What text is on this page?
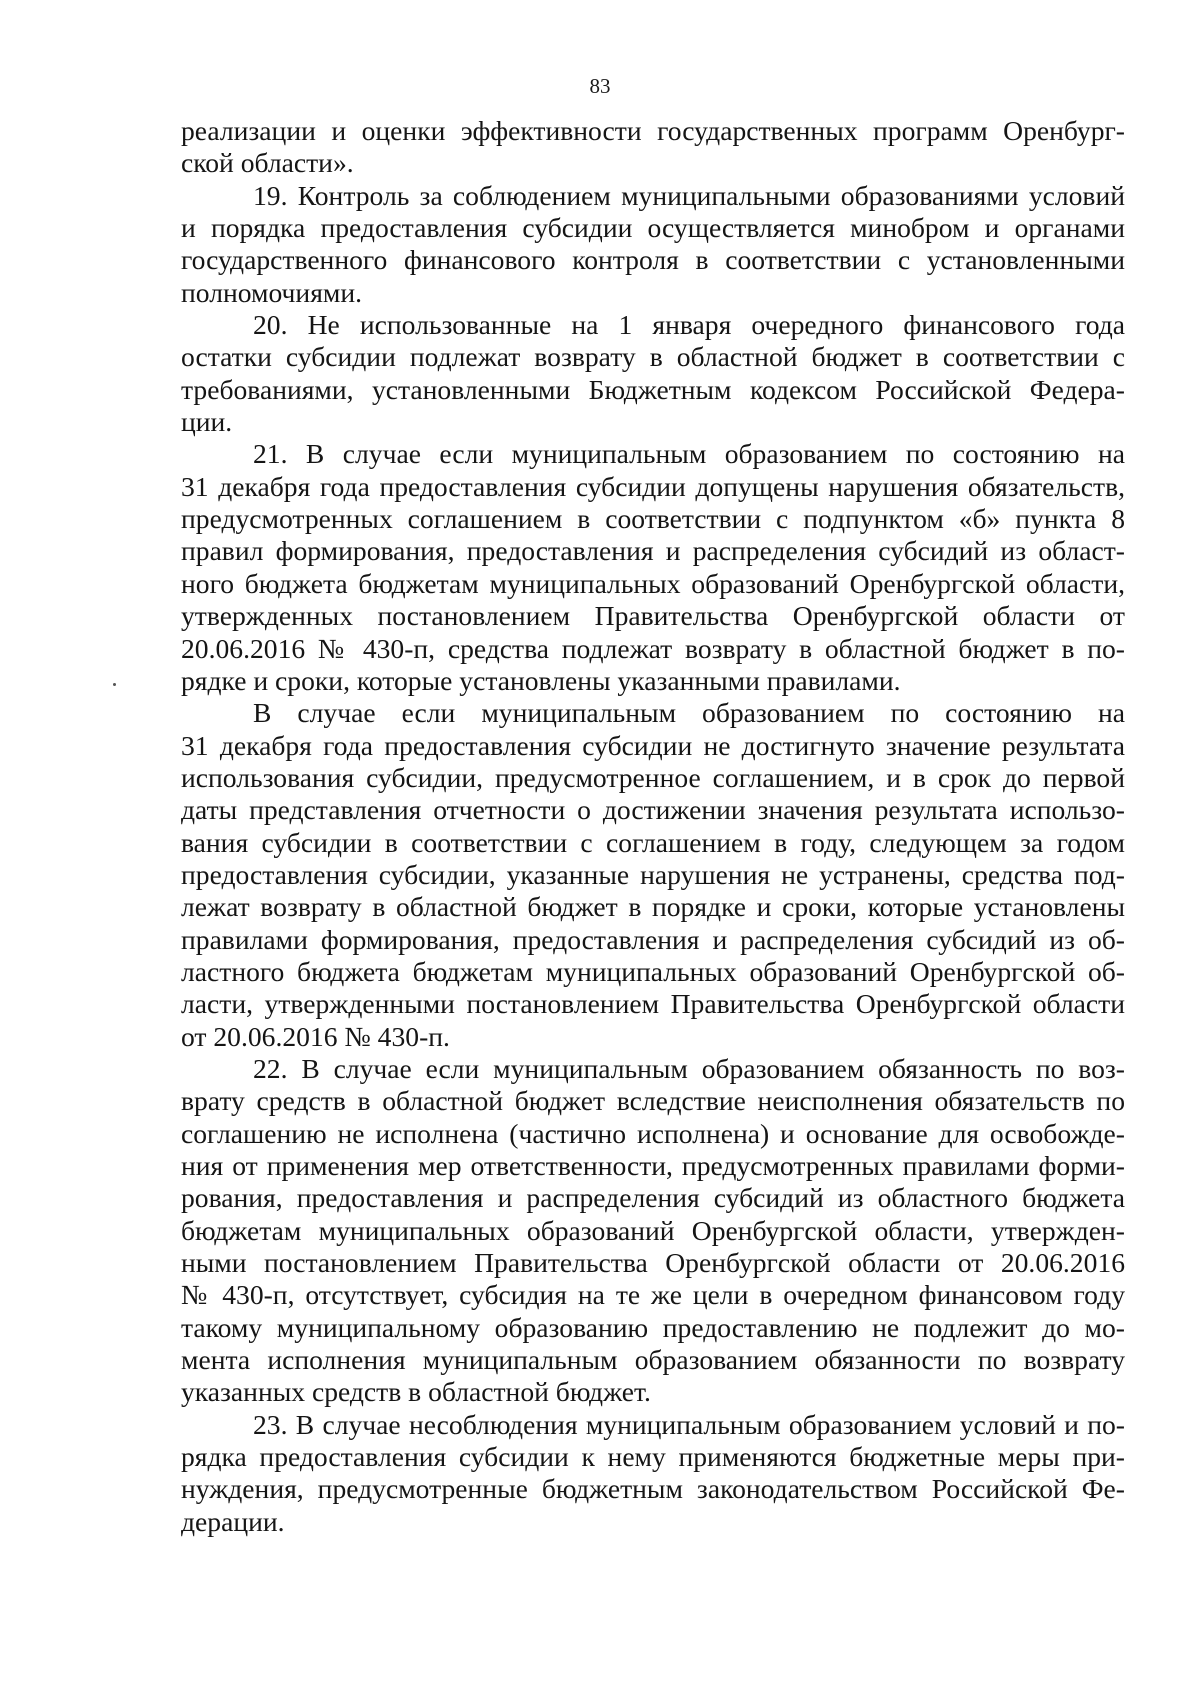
83
реализации и оценки эффективности государственных программ Оренбург-
ской области».
19. Контроль за соблюдением муниципальными образованиями условий
и порядка предоставления субсидии осуществляется минобром и органами
государственного финансового контроля в соответствии с установленными
полномочиями.
20. Не использованные на 1 января очередного финансового года
остатки субсидии подлежат возврату в областной бюджет в соответствии с
требованиями, установленными Бюджетным кодексом Российской Федера-
ции.
21. В случае если муниципальным образованием по состоянию на
31 декабря года предоставления субсидии допущены нарушения обязательств,
предусмотренных соглашением в соответствии с подпунктом «б» пункта 8
правил формирования, предоставления и распределения субсидий из област-
ного бюджета бюджетам муниципальных образований Оренбургской области,
утвержденных постановлением Правительства Оренбургской области от
20.06.2016 № 430-п, средства подлежат возврату в областной бюджет в по-
рядке и сроки, которые установлены указанными правилами.
В случае если муниципальным образованием по состоянию на
31 декабря года предоставления субсидии не достигнуто значение результата
использования субсидии, предусмотренное соглашением, и в срок до первой
даты представления отчетности о достижении значения результата использо-
вания субсидии в соответствии с соглашением в году, следующем за годом
предоставления субсидии, указанные нарушения не устранены, средства под-
лежат возврату в областной бюджет в порядке и сроки, которые установлены
правилами формирования, предоставления и распределения субсидий из об-
ластного бюджета бюджетам муниципальных образований Оренбургской об-
ласти, утвержденными постановлением Правительства Оренбургской области
от 20.06.2016 № 430-п.
22. В случае если муниципальным образованием обязанность по воз-
врату средств в областной бюджет вследствие неисполнения обязательств по
соглашению не исполнена (частично исполнена) и основание для освобожде-
ния от применения мер ответственности, предусмотренных правилами форми-
рования, предоставления и распределения субсидий из областного бюджета
бюджетам муниципальных образований Оренбургской области, утвержден-
ными постановлением Правительства Оренбургской области от 20.06.2016
№ 430-п, отсутствует, субсидия на те же цели в очередном финансовом году
такому муниципальному образованию предоставлению не подлежит до мо-
мента исполнения муниципальным образованием обязанности по возврату
указанных средств в областной бюджет.
23. В случае несоблюдения муниципальным образованием условий и по-
рядка предоставления субсидии к нему применяются бюджетные меры при-
нуждения, предусмотренные бюджетным законодательством Российской Фе-
дерации.
